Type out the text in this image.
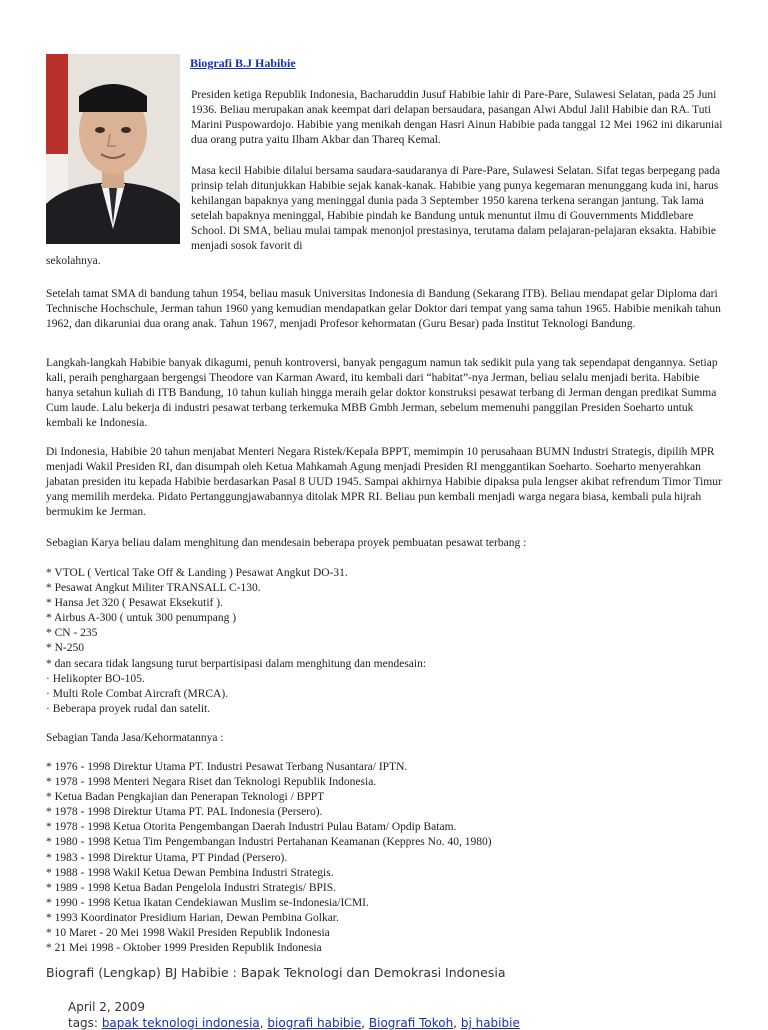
Biografi B.J Habibie

Presiden ketiga Republik Indonesia, Bacharuddin Jusuf Habibie lahir di Pare-Pare, Sulawesi Selatan, pada 25 Juni 1936. Beliau merupakan anak keempat dari delapan bersaudara, pasangan Alwi Abdul Jalil Habibie dan RA. Tuti Marini Puspowardojo. Habibie yang menikah dengan Hasri Ainun Habibie pada tanggal 12 Mei 1962 ini dikaruniai dua orang putra yaitu Ilham Akbar dan Thareq Kemal.

Masa kecil Habibie dilalui bersama saudara-saudaranya di Pare-Pare, Sulawesi Selatan. Sifat tegas berpegang pada prinsip telah ditunjukkan Habibie sejak kanak-kanak. Habibie yang punya kegemaran menunggang kuda ini, harus kehilangan bapaknya yang meninggal dunia pada 3 September 1950 karena terkena serangan jantung. Tak lama setelah bapaknya meninggal, Habibie pindah ke Bandung untuk menuntut ilmu di Gouvernments Middlebare School. Di SMA, beliau mulai tampak menonjol prestasinya, terutama dalam pelajaran-pelajaran eksakta. Habibie menjadi sosok favorit di

sekolahnya.

Setelah tamat SMA di bandung tahun 1954, beliau masuk Universitas Indonesia di Bandung (Sekarang ITB). Beliau mendapat gelar Diploma dari Technische Hochschule, Jerman tahun 1960 yang kemudian mendapatkan gelar Doktor dari tempat yang sama tahun 1965. Habibie menikah tahun 1962, dan dikaruniai dua orang anak. Tahun 1967, menjadi Profesor kehormatan (Guru Besar) pada Institut Teknologi Bandung.

Langkah-langkah Habibie banyak dikagumi, penuh kontroversi, banyak pengagum namun tak sedikit pula yang tak sependapat dengannya. Setiap kali, peraih penghargaan bergengsi Theodore van Karman Award, itu kembali dari “habitat”-nya Jerman, beliau selalu menjadi berita. Habibie hanya setahun kuliah di ITB Bandung, 10 tahun kuliah hingga meraih gelar doktor konstruksi pesawat terbang di Jerman dengan predikat Summa Cum laude. Lalu bekerja di industri pesawat terbang terkemuka MBB Gmbh Jerman, sebelum memenuhi panggilan Presiden Soeharto untuk kembali ke Indonesia.

Di Indonesia, Habibie 20 tahun menjabat Menteri Negara Ristek/Kepala BPPT, memimpin 10 perusahaan BUMN Industri Strategis, dipilih MPR menjadi Wakil Presiden RI, dan disumpah oleh Ketua Mahkamah Agung menjadi Presiden RI menggantikan Soeharto. Soeharto menyerahkan jabatan presiden itu kepada Habibie berdasarkan Pasal 8 UUD 1945. Sampai akhirnya Habibie dipaksa pula lengser akibat refrendum Timor Timur yang memilih merdeka. Pidato Pertanggungjawabannya ditolak MPR RI. Beliau pun kembali menjadi warga negara biasa, kembali pula hijrah bermukim ke Jerman.

Sebagian Karya beliau dalam menghitung dan mendesain beberapa proyek pembuatan pesawat terbang :

* VTOL ( Vertical Take Off & Landing ) Pesawat Angkut DO-31.
* Pesawat Angkut Militer TRANSALL C-130.
* Hansa Jet 320 ( Pesawat Eksekutif ).
* Airbus A-300 ( untuk 300 penumpang )
* CN - 235
* N-250
* dan secara tidak langsung turut berpartisipasi dalam menghitung dan mendesain:
· Helikopter BO-105.
· Multi Role Combat Aircraft (MRCA).
· Beberapa proyek rudal dan satelit.

Sebagian Tanda Jasa/Kehormatannya :

* 1976 - 1998 Direktur Utama PT. Industri Pesawat Terbang Nusantara/ IPTN.
* 1978 - 1998 Menteri Negara Riset dan Teknologi Republik Indonesia.
* Ketua Badan Pengkajian dan Penerapan Teknologi / BPPT
* 1978 - 1998 Direktur Utama PT. PAL Indonesia (Persero).
* 1978 - 1998 Ketua Otorita Pengembangan Daerah Industri Pulau Batam/ Opdip Batam.
* 1980 - 1998 Ketua Tim Pengembangan Industri Pertahanan Keamanan (Keppres No. 40, 1980)
* 1983 - 1998 Direktur Utama, PT Pindad (Persero).
* 1988 - 1998 Wakil Ketua Dewan Pembina Industri Strategis.
* 1989 - 1998 Ketua Badan Pengelola Industri Strategis/ BPIS.
* 1990 - 1998 Ketua Ikatan Cendekiawan Muslim se-Indonesia/ICMI.
* 1993 Koordinator Presidium Harian, Dewan Pembina Golkar.
* 10 Maret - 20 Mei 1998 Wakil Presiden Republik Indonesia
* 21 Mei 1998 - Oktober 1999 Presiden Republik Indonesia
Biografi (Lengkap) BJ Habibie : Bapak Teknologi dan Demokrasi Indonesia
April 2, 2009
tags: bapak teknologi indonesia, biografi habibie, Biografi Tokoh, bj habibie
